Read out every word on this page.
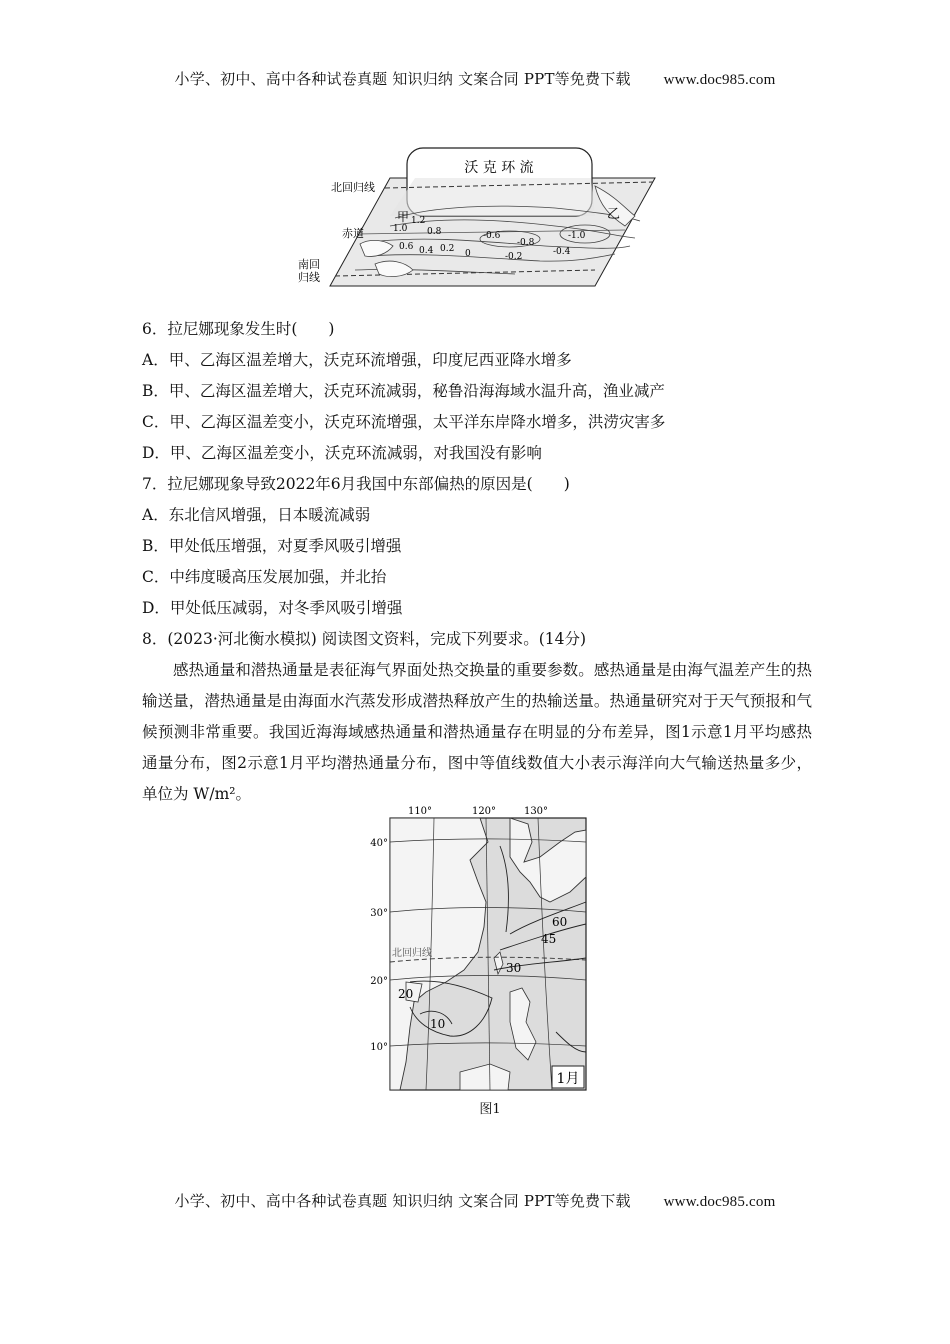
小学、初中、高中各种试卷真题 知识归纳 文案合同 PPT等免费下载 www.doc985.com
沃 克 环 流
北回归线
赤道
南回
归线
甲	乙
1.2
1.0 0.8
0.6 0.4 0.2 0	-0.2	-0.4
-0.6
-0.8
-1.0
6．拉尼娜现象发生时(　　)
A．甲、乙海区温差增大，沃克环流增强，印度尼西亚降水增多
B．甲、乙海区温差增大，沃克环流减弱，秘鲁沿海海域水温升高，渔业减产
C．甲、乙海区温差变小，沃克环流增强，太平洋东岸降水增多，洪涝灾害多
D．甲、乙海区温差变小，沃克环流减弱，对我国没有影响
7．拉尼娜现象导致2022年6月我国中东部偏热的原因是(　　)
A．东北信风增强，日本暖流减弱
B．甲处低压增强，对夏季风吸引增强
C．中纬度暖高压发展加强，并北抬
D．甲处低压减弱，对冬季风吸引增强
8．(2023·河北衡水模拟) 阅读图文资料，完成下列要求。(14分)
感热通量和潜热通量是表征海气界面处热交换量的重要参数。感热通量是由海气温差产生的热输送量，潜热通量是由海面水汽蒸发形成潜热释放产生的热输送量。热通量研究对于天气预报和气候预测非常重要。我国近海海域感热通量和潜热通量存在明显的分布差异，图1示意1月平均感热通量分布，图2示意1月平均潜热通量分布，图中等值线数值大小表示海洋向大气输送热量多少，单位为 W/m²。
110°	120°	130°
40°
30°
20°
10°
北回归线
60
45
30
20
10
1月
图1
小学、初中、高中各种试卷真题 知识归纳 文案合同 PPT等免费下载 www.doc985.com
